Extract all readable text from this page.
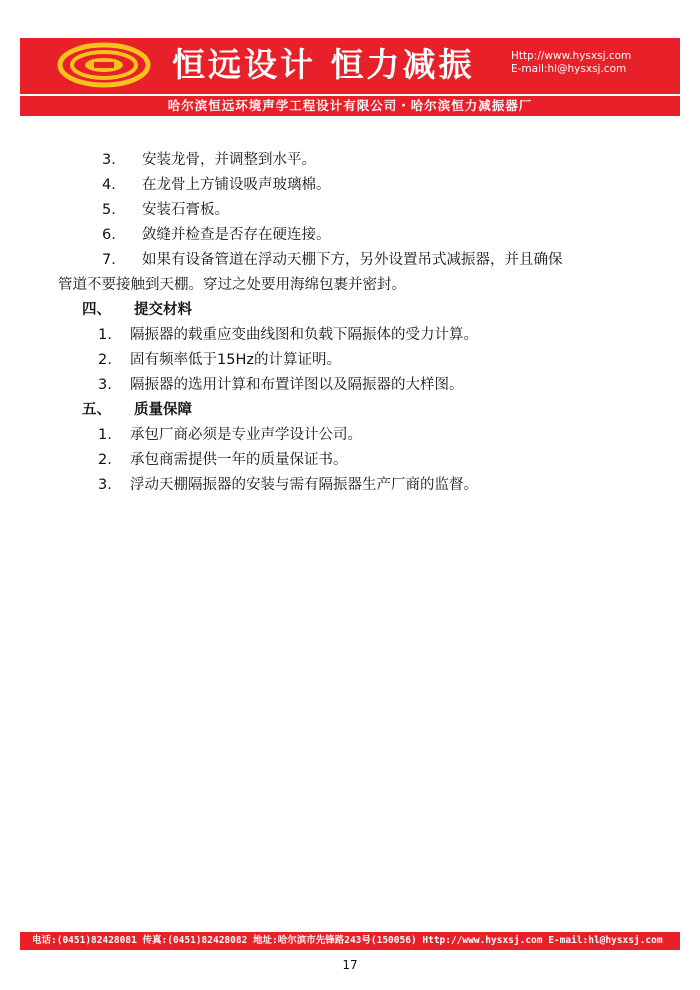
恒远设计 恒力减振	Http://www.hysxsj.com
E-mail:hl@hysxsj.com
哈尔滨恒远环境声学工程设计有限公司・哈尔滨恒力减振器厂
3. 安装龙骨，并调整到水平。
4. 在龙骨上方铺设吸声玻璃棉。
5. 安装石膏板。
6. 敛缝并检查是否存在硬连接。
7. 如果有设备管道在浮动天棚下方，另外设置吊式减振器，并且确保
管道不要接触到天棚。穿过之处要用海绵包裹并密封。
四、 提交材料
1. 隔振器的载重应变曲线图和负载下隔振体的受力计算。
2. 固有频率低于15Hz的计算证明。
3. 隔振器的选用计算和布置详图以及隔振器的大样图。
五、 质量保障
1. 承包厂商必须是专业声学设计公司。
2. 承包商需提供一年的质量保证书。
3. 浮动天棚隔振器的安装与需有隔振器生产厂商的监督。
电话:(0451)82428081 传真:(0451)82428082 地址:哈尔滨市先锋路243号(150056) Http://www.hysxsj.com E-mail:hl@hysxsj.com
17
